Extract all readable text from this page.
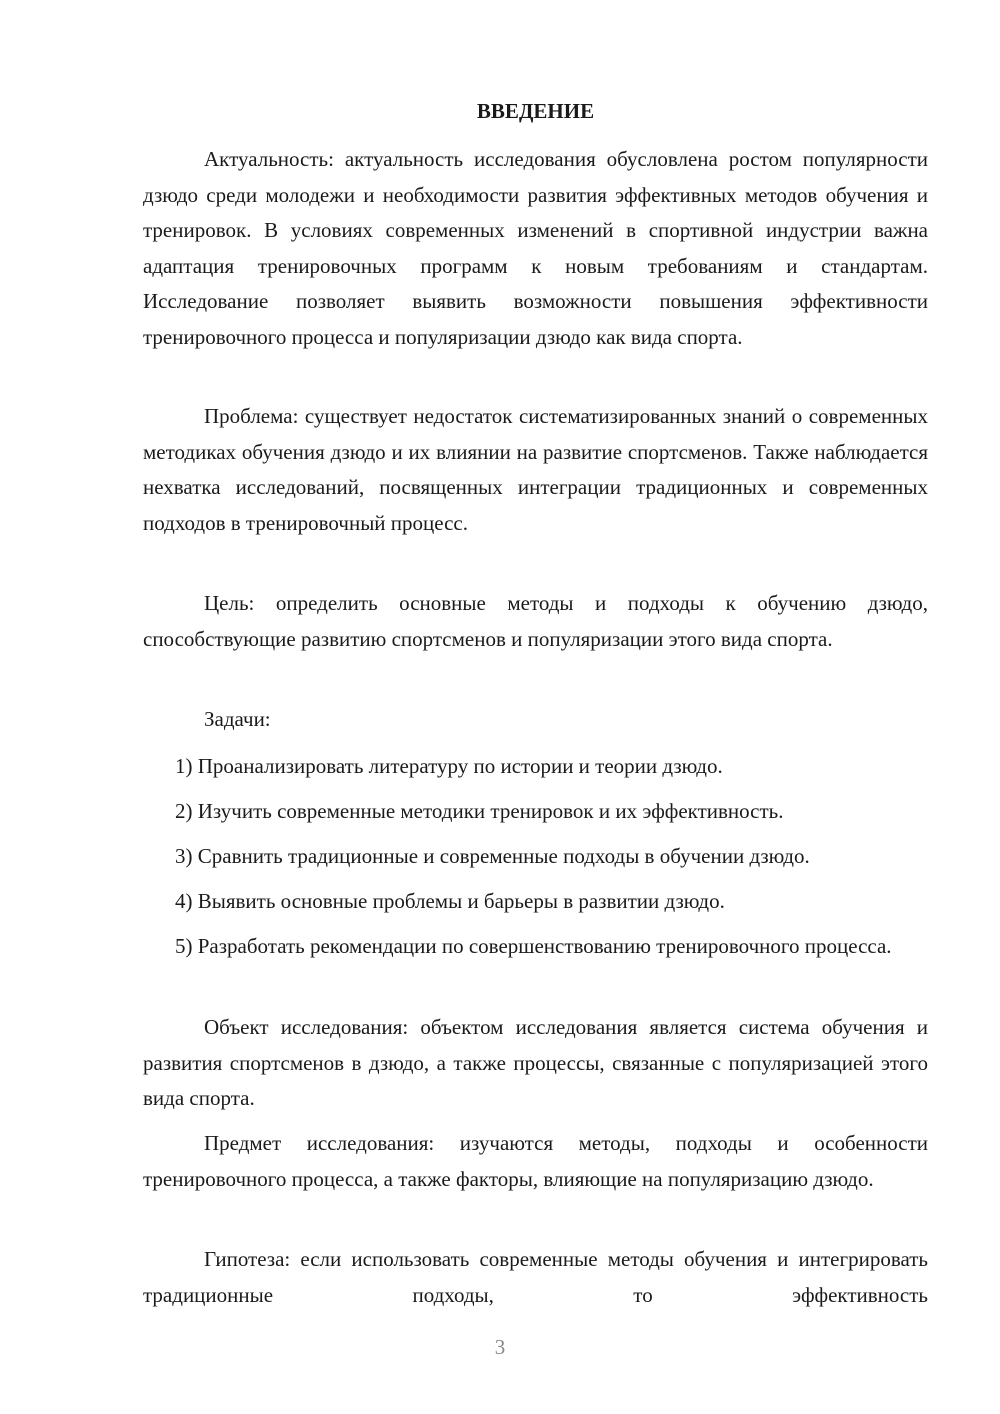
ВВЕДЕНИЕ

Актуальность: актуальность исследования обусловлена ростом популярности дзюдо среди молодежи и необходимости развития эффективных методов обучения и тренировок. В условиях современных изменений в спортивной индустрии важна адаптация тренировочных программ к новым требованиям и стандартам. Исследование позволяет выявить возможности повышения эффективности тренировочного процесса и популяризации дзюдо как вида спорта.

Проблема: существует недостаток систематизированных знаний о современных методиках обучения дзюдо и их влиянии на развитие спортсменов. Также наблюдается нехватка исследований, посвященных интеграции традиционных и современных подходов в тренировочный процесс.

Цель: определить основные методы и подходы к обучению дзюдо, способствующие развитию спортсменов и популяризации этого вида спорта.

Задачи:

1) Проанализировать литературу по истории и теории дзюдо.

2) Изучить современные методики тренировок и их эффективность.

3) Сравнить традиционные и современные подходы в обучении дзюдо.

4) Выявить основные проблемы и барьеры в развитии дзюдо.

5) Разработать рекомендации по совершенствованию тренировочного процесса.

Объект исследования: объектом исследования является система обучения и развития спортсменов в дзюдо, а также процессы, связанные с популяризацией этого вида спорта.

Предмет исследования: изучаются методы, подходы и особенности тренировочного процесса, а также факторы, влияющие на популяризацию дзюдо.

Гипотеза: если использовать современные методы обучения и интегрировать традиционные подходы, то эффективность

3
